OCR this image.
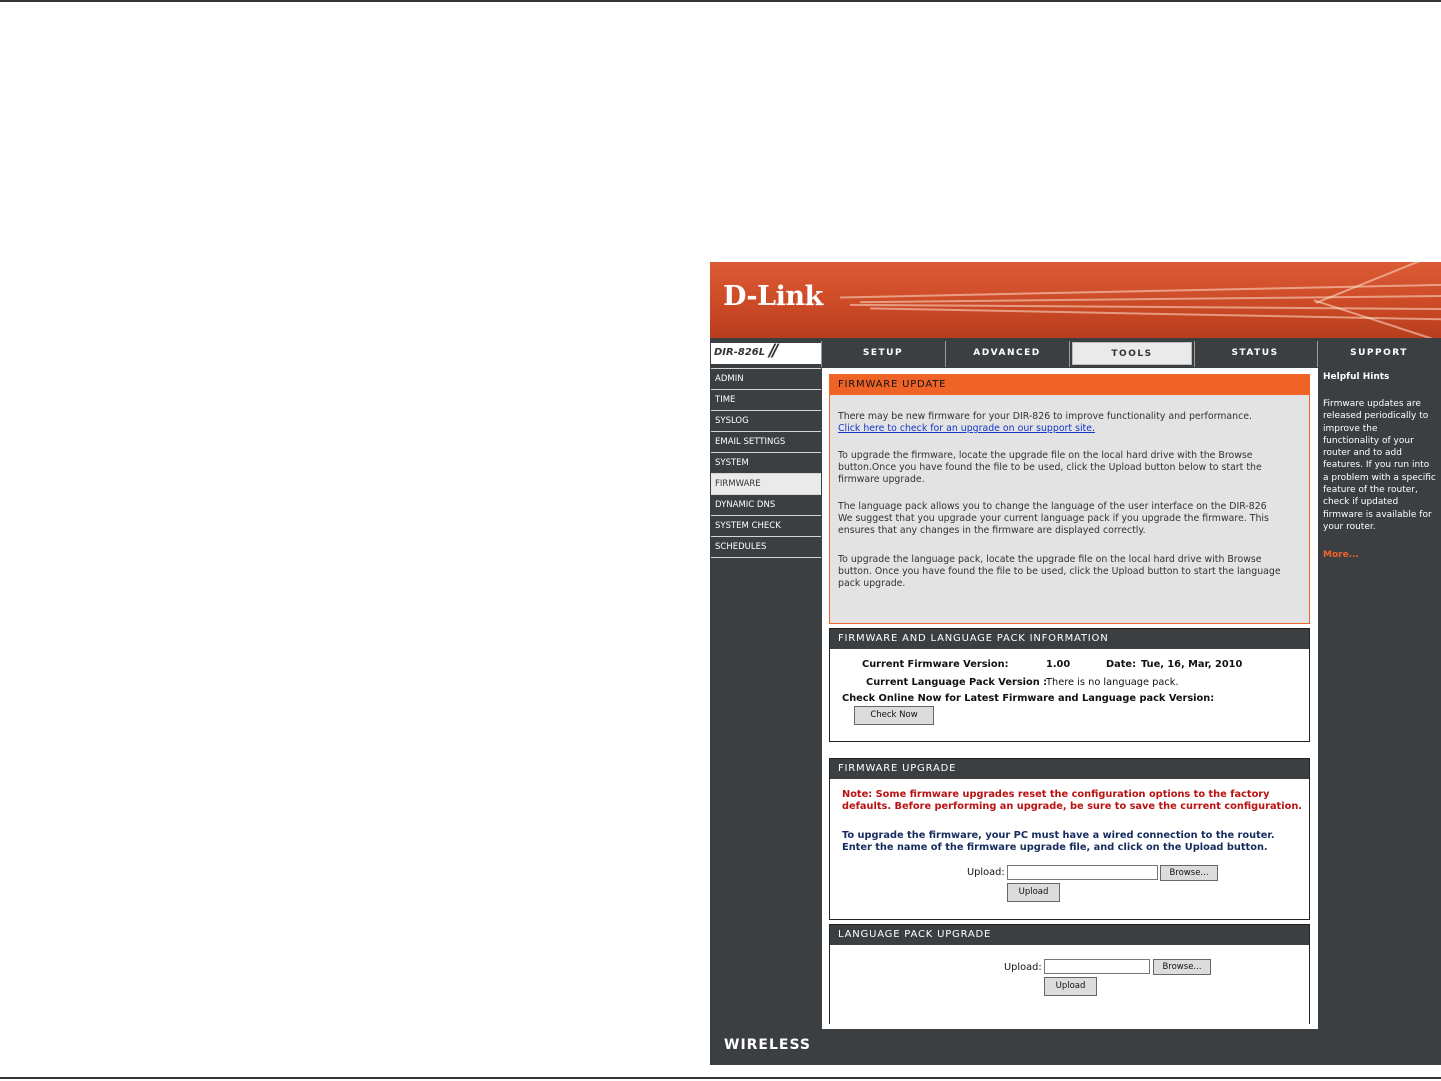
D-Link
DIR-826L //	SETUP	ADVANCED	TOOLS	STATUS	SUPPORT
ADMIN
TIME
SYSLOG
EMAIL SETTINGS
SYSTEM
FIRMWARE
DYNAMIC DNS
SYSTEM CHECK
SCHEDULES
FIRMWARE UPDATE

There may be new firmware for your DIR-826 to improve functionality and performance.

Click here to check for an upgrade on our support site.

To upgrade the firmware, locate the upgrade file on the local hard drive with the Browse

button.Once you have found the file to be used, click the Upload button below to start the

firmware upgrade.

The language pack allows you to change the language of the user interface on the DIR-826

We suggest that you upgrade your current language pack if you upgrade the firmware. This

ensures that any changes in the firmware are displayed correctly.

To upgrade the language pack, locate the upgrade file on the local hard drive with Browse

button. Once you have found the file to be used, click the Upload button to start the language

pack upgrade.

FIRMWARE AND LANGUAGE PACK INFORMATION
Current Firmware Version:	1.00	Date: Tue, 16, Mar, 2010
Current Language Pack Version :
There is no language pack.
Check Online Now for Latest Firmware and Language pack Version:
Check Now
FIRMWARE UPGRADE
Note: Some firmware upgrades reset the configuration options to the factory
defaults. Before performing an upgrade, be sure to save the current configuration.
To upgrade the firmware, your PC must have a wired connection to the router.
Enter the name of the firmware upgrade file, and click on the Upload button.
Upload:	Browse...
Upload
LANGUAGE PACK UPGRADE
Upload:	Browse...
Upload
Helpful Hints
Firmware updates are released periodically to improve the functionality of your router and to add features. If you run into a problem with a specific feature of the router, check if updated firmware is available for your router.
More...
WIRELESS
